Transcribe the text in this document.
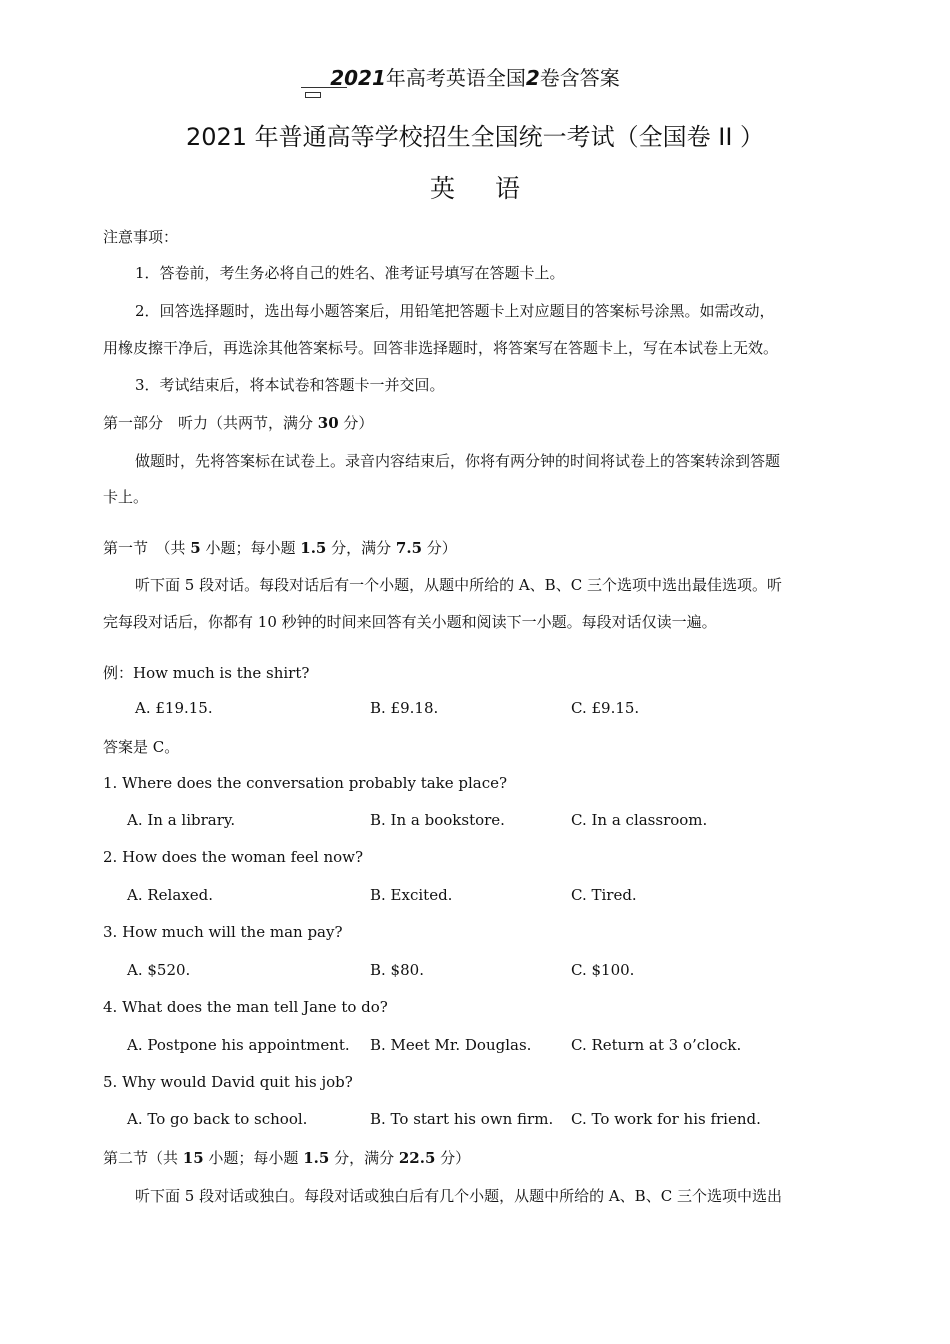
2021年高考英语全国2卷含答案
2021 年普通高等学校招生全国统一考试（全国卷 II ）
英语
注意事项：
1．答卷前，考生务必将自己的姓名、准考证号填写在答题卡上。
2．回答选择题时，选出每小题答案后，用铅笔把答题卡上对应题目的答案标号涂黑。如需改动，
用橡皮擦干净后，再选涂其他答案标号。回答非选择题时，将答案写在答题卡上，写在本试卷上无效。
3．考试结束后，将本试卷和答题卡一并交回。
第一部分　听力（共两节，满分 30 分）
做题时，先将答案标在试卷上。录音内容结束后，你将有两分钟的时间将试卷上的答案转涂到答题
卡上。
第一节　（共 5 小题；每小题 1.5 分，满分 7.5 分）
听下面 5 段对话。每段对话后有一个小题，从题中所给的 A、B、C 三个选项中选出最佳选项。听
完每段对话后，你都有 10 秒钟的时间来回答有关小题和阅读下一小题。每段对话仅读一遍。
例：How much is the shirt?
A. £19.15.	B. £9.18.	C. £9.15.
答案是 C。
1. Where does the conversation probably take place?
A. In a library.	B. In a bookstore.	C. In a classroom.
2. How does the woman feel now?
A. Relaxed.	B. Excited.	C. Tired.
3. How much will the man pay?
A. $520.	B. $80.	C. $100.
4. What does the man tell Jane to do?
A. Postpone his appointment. B. Meet Mr. Douglas.	C. Return at 3 o’clock.
5. Why would David quit his job?
A. To go back to school.	B. To start his own firm. C. To work for his friend.
第二节（共 15 小题；每小题 1.5 分，满分 22.5 分）
听下面 5 段对话或独白。每段对话或独白后有几个小题，从题中所给的 A、B、C 三个选项中选出
